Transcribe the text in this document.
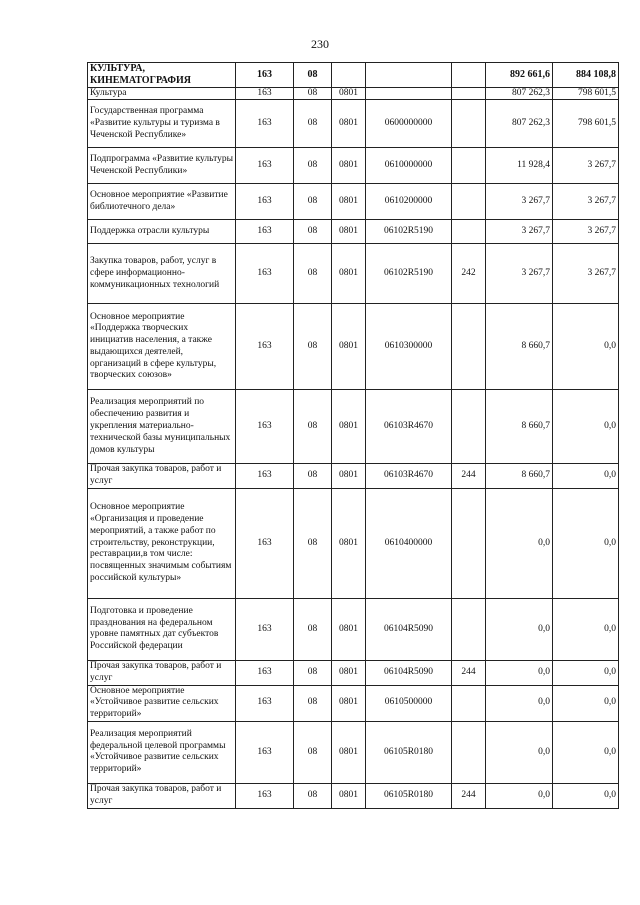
230
КУЛЬТУРА, КИНЕМАТОГРАФИЯ	163	08				892 661,6	884 108,8
Культура	163	08	0801			807 262,3	798 601,5
Государственная программа «Развитие культуры и туризма в Чеченской Республике»	163	08	0801	0600000000		807 262,3	798 601,5
Подпрограмма «Развитие культуры Чеченской Республики»	163	08	0801	0610000000		11 928,4	3 267,7
Основное мероприятие «Развитие библиотечного дела»	163	08	0801	0610200000		3 267,7	3 267,7
Поддержка отрасли культуры	163	08	0801	06102R5190		3 267,7	3 267,7
Закупка товаров, работ, услуг в сфере информационно-коммуникационных технологий	163	08	0801	06102R5190	242	3 267,7	3 267,7
Основное мероприятие «Поддержка творческих инициатив населения, а также выдающихся деятелей, организаций в сфере культуры, творческих союзов»	163	08	0801	0610300000		8 660,7	0,0
Реализация мероприятий по обеспечению развития и укрепления материально-технической базы муниципальных домов культуры	163	08	0801	06103R4670		8 660,7	0,0
Прочая закупка товаров, работ и услуг	163	08	0801	06103R4670	244	8 660,7	0,0
Основное мероприятие «Организация и проведение мероприятий, а также работ по строительству, реконструкции, реставрации,в том числе: посвященных значимым событиям российской культуры»	163	08	0801	0610400000		0,0	0,0
Подготовка и проведение празднования на федеральном уровне памятных дат субъектов Российской федерации	163	08	0801	06104R5090		0,0	0,0
Прочая закупка товаров, работ и услуг	163	08	0801	06104R5090	244	0,0	0,0
Основное мероприятие «Устойчивое развитие сельских территорий»	163	08	0801	0610500000		0,0	0,0
Реализация мероприятий федеральной целевой программы «Устойчивое развитие сельских территорий»	163	08	0801	06105R0180		0,0	0,0
Прочая закупка товаров, работ и услуг	163	08	0801	06105R0180	244	0,0	0,0
